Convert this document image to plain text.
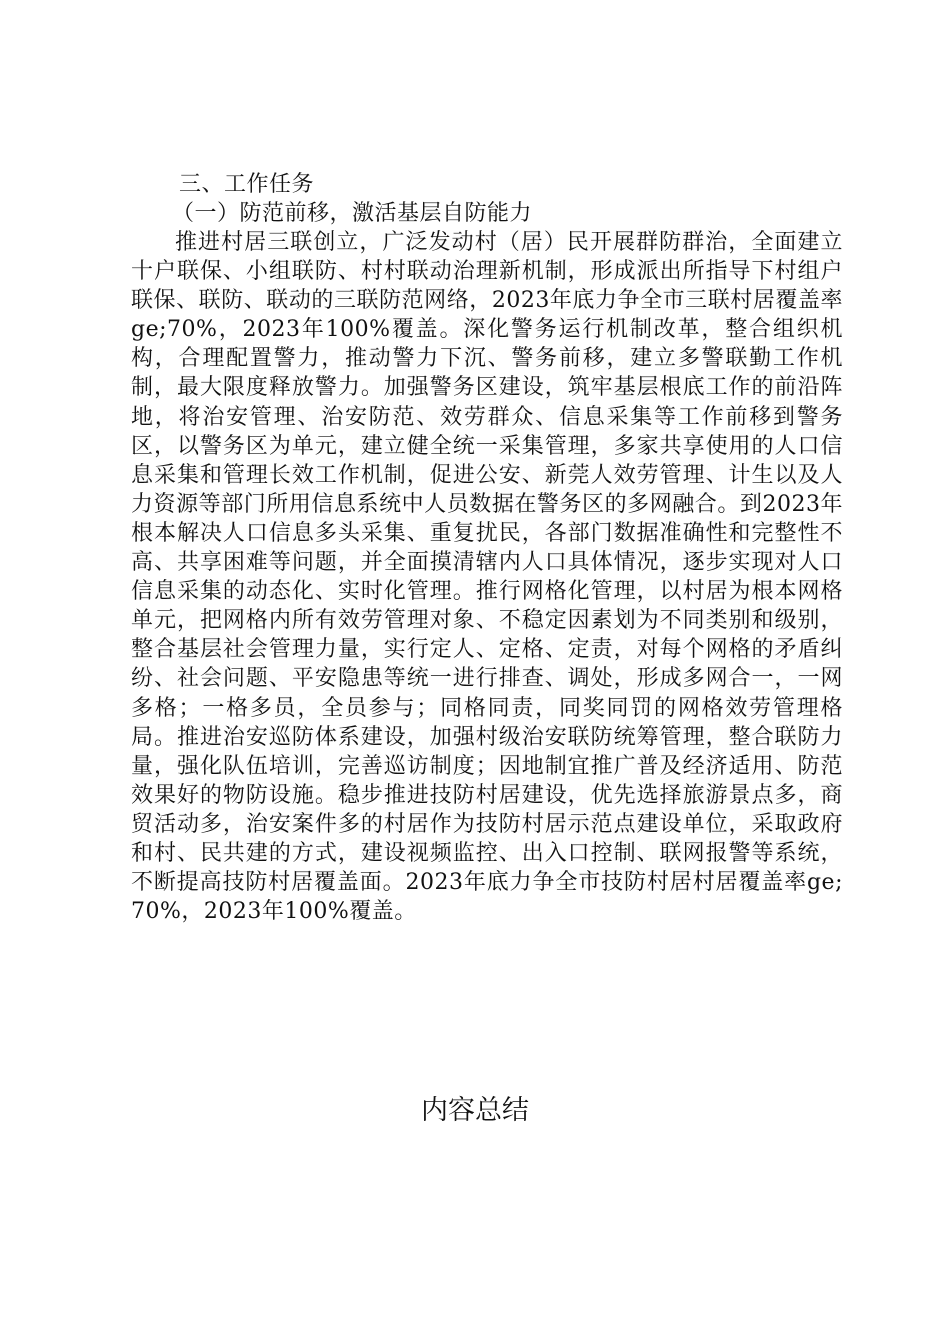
三、工作任务
（一）防范前移，激活基层自防能力
推进村居三联创立，广泛发动村（居）民开展群防群治，全面建立十户联保、小组联防、村村联动治理新机制，形成派出所指导下村组户联保、联防、联动的三联防范网络，2023年底力争全市三联村居覆盖率ge;70%，2023年100%覆盖。深化警务运行机制改革，整合组织机构，合理配置警力，推动警力下沉、警务前移，建立多警联勤工作机制，最大限度释放警力。加强警务区建设，筑牢基层根底工作的前沿阵地，将治安管理、治安防范、效劳群众、信息采集等工作前移到警务区，以警务区为单元，建立健全统一采集管理，多家共享使用的人口信息采集和管理长效工作机制，促进公安、新莞人效劳管理、计生以及人力资源等部门所用信息系统中人员数据在警务区的多网融合。到2023年根本解决人口信息多头采集、重复扰民，各部门数据准确性和完整性不高、共享困难等问题，并全面摸清辖内人口具体情况，逐步实现对人口信息采集的动态化、实时化管理。推行网格化管理，以村居为根本网格单元，把网格内所有效劳管理对象、不稳定因素划为不同类别和级别，整合基层社会管理力量，实行定人、定格、定责，对每个网格的矛盾纠纷、社会问题、平安隐患等统一进行排查、调处，形成多网合一，一网多格；一格多员，全员参与；同格同责，同奖同罚的网格效劳管理格局。推进治安巡防体系建设，加强村级治安联防统筹管理，整合联防力量，强化队伍培训，完善巡访制度；因地制宜推广普及经济适用、防范效果好的物防设施。稳步推进技防村居建设，优先选择旅游景点多，商贸活动多，治安案件多的村居作为技防村居示范点建设单位，采取政府和村、民共建的方式，建设视频监控、出入口控制、联网报警等系统，不断提高技防村居覆盖面。2023年底力争全市技防村居村居覆盖率ge;70%，2023年100%覆盖。
内容总结
